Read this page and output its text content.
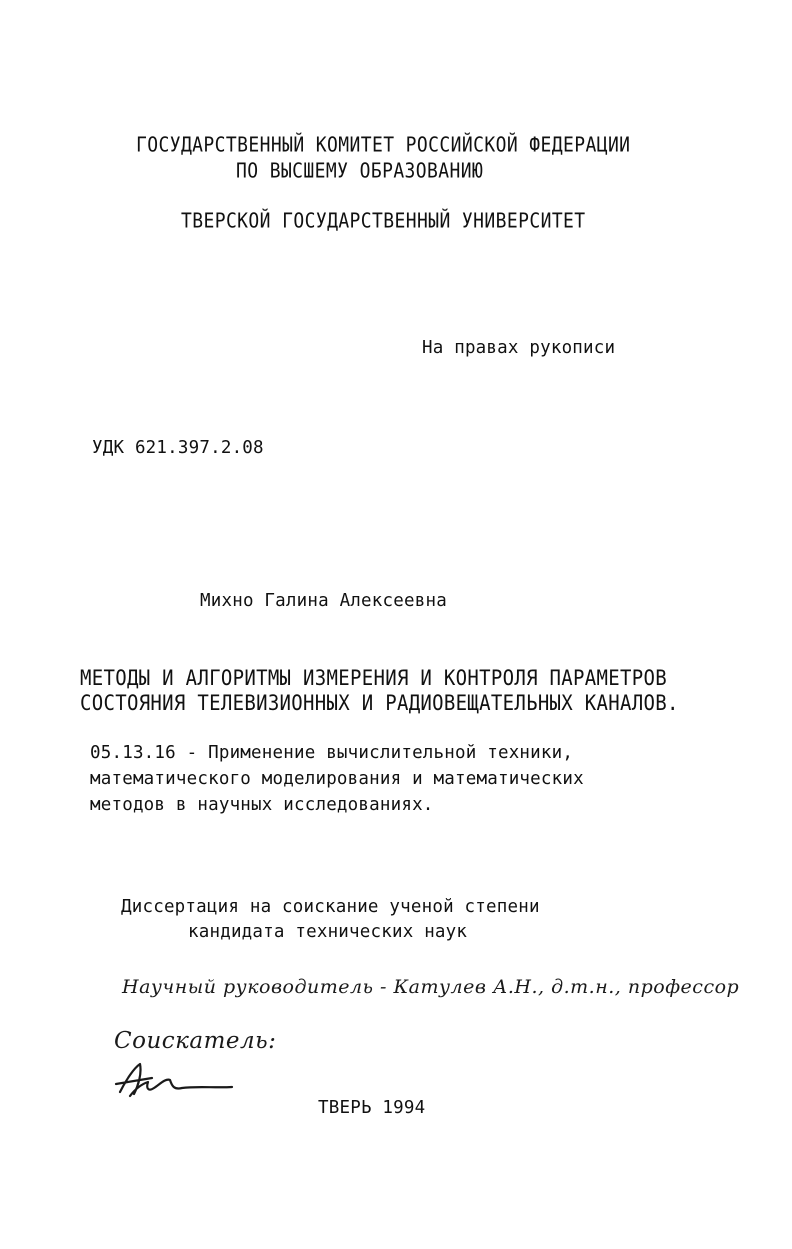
ГОСУДАРСТВЕННЫЙ КОМИТЕТ РОССИЙСКОЙ ФЕДЕРАЦИИ

ПО ВЫСШЕМУ ОБРАЗОВАНИЮ

ТВЕРСКОЙ ГОСУДАРСТВЕННЫЙ УНИВЕРСИТЕТ

На правах рукописи

УДК 621.397.2.08

Михно Галина Алексеевна

МЕТОДЫ И АЛГОРИТМЫ ИЗМЕРЕНИЯ И КОНТРОЛЯ ПАРАМЕТРОВ

СОСТОЯНИЯ ТЕЛЕВИЗИОННЫХ И РАДИОВЕЩАТЕЛЬНЫХ КАНАЛОВ.

05.13.16 - Применение вычислительной техники,

математического моделирования и математических

методов в научных исследованиях.

Диссертация на соискание ученой степени

кандидата технических наук

Научный руководитель - Катулев А.Н., д.т.н., профессор

Соискатель:

ТВЕРЬ 1994
